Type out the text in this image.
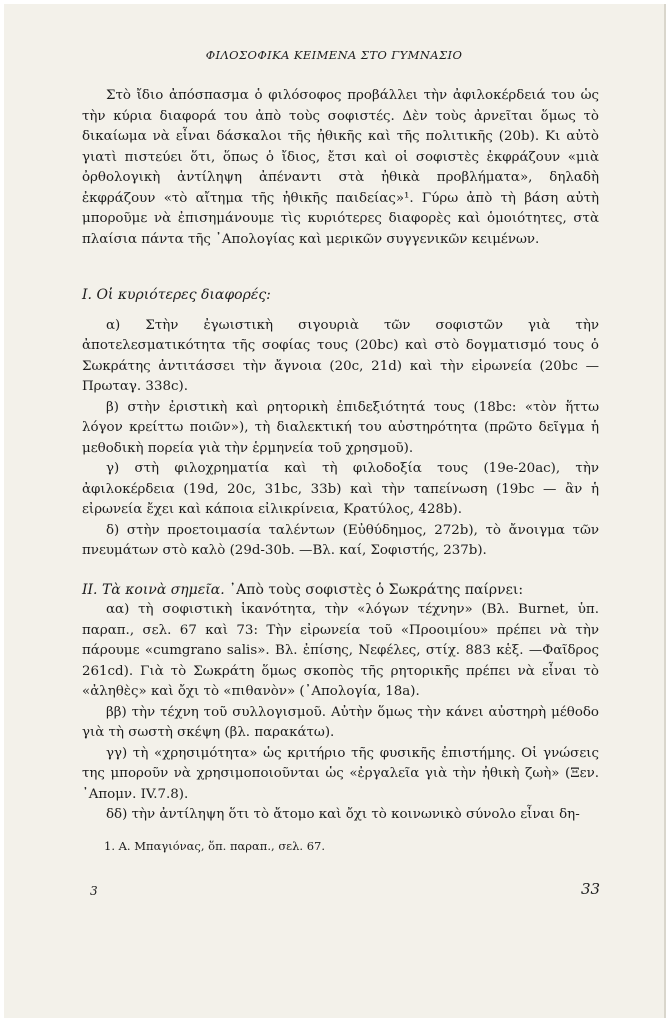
ΦΙΛΟΣΟΦΙΚΑ ΚΕΙΜΕΝΑ ΣΤΟ ΓΥΜΝΑΣΙΟ

Στὸ ἴδιο ἀπόσπασμα ὁ φιλόσοφος προβάλλει τὴν ἀφιλοκέρδειά του ὡς τὴν κύρια διαφορά του ἀπὸ τοὺς σοφιστές. Δὲν τοὺς ἀρνεῖται ὅμως τὸ δικαίωμα νὰ εἶναι δάσκαλοι τῆς ἠθικῆς καὶ τῆς πολιτικῆς (20b). Κι αὐτὸ γιατὶ πιστεύει ὅτι, ὅπως ὁ ἴδιος, ἔτσι καὶ οἱ σοφιστὲς ἐκφράζουν «μιὰ ὀρθολογικὴ ἀντίληψη ἀπέναντι στὰ ἠθικὰ προβλήματα», δηλαδὴ ἐκφράζουν «τὸ αἴτημα τῆς ἠθικῆς παιδείας»¹. Γύρω ἀπὸ τὴ βάση αὐτὴ μποροῦμε νὰ ἐπισημάνουμε τὶς κυριότερες διαφορὲς καὶ ὁμοιότητες, στὰ πλαίσια πάντα τῆς ᾿Απολογίας καὶ μερικῶν συγγενικῶν κειμένων.

Ι. Οἱ κυριότερες διαφορές:

α) Στὴν ἐγωιστικὴ σιγουριὰ τῶν σοφιστῶν γιὰ τὴν ἀποτελεσματικότητα τῆς σοφίας τους (20bc) καὶ στὸ δογματισμό τους ὁ Σωκράτης ἀντιτάσσει τὴν ἄγνοια (20c, 21d) καὶ τὴν εἰρωνεία (20bc — Πρωταγ. 338c).

β) στὴν ἐριστικὴ καὶ ρητορικὴ ἐπιδεξιότητά τους (18bc: «τὸν ἥττω λόγον κρείττω ποιῶν»), τὴ διαλεκτική του αὐστηρότητα (πρῶτο δεῖγμα ἡ μεθοδικὴ πορεία γιὰ τὴν ἑρμηνεία τοῦ χρησμοῦ).

γ) στὴ φιλοχρηματία καὶ τὴ φιλοδοξία τους (19e-20ac), τὴν ἀφιλοκέρδεια (19d, 20c, 31bc, 33b) καὶ τὴν ταπείνωση (19bc — ἂν ἡ εἰρωνεία ἔχει καὶ κάποια εἰλικρίνεια, Κρατύλος, 428b).

δ) στὴν προετοιμασία ταλέντων (Εὐθύδημος, 272b), τὸ ἄνοιγμα τῶν πνευμάτων στὸ καλὸ (29d-30b. —Βλ. καί, Σοφιστής, 237b).

ΙΙ. Τὰ κοινὰ σημεῖα. ᾿Απὸ τοὺς σοφιστὲς ὁ Σωκράτης παίρνει:

αα) τὴ σοφιστικὴ ἱκανότητα, τὴν «λόγων τέχνην» (Βλ. Burnet, ὑπ. παραπ., σελ. 67 καὶ 73: Τὴν εἰρωνεία τοῦ «Προοιμίου» πρέπει νὰ τὴν πάρουμε «cumgrano salis». Βλ. ἐπίσης, Νεφέλες, στίχ. 883 κἑξ. —Φαῖδρος 261cd). Γιὰ τὸ Σωκράτη ὅμως σκοπὸς τῆς ρητορικῆς πρέπει νὰ εἶναι τὸ «ἀληθὲς» καὶ ὄχι τὸ «πιθανὸν» (᾿Απολογία, 18a).

ββ) τὴν τέχνη τοῦ συλλογισμοῦ. Αὐτὴν ὅμως τὴν κάνει αὐστηρὴ μέθοδο γιὰ τὴ σωστὴ σκέψη (βλ. παρακάτω).

γγ) τὴ «χρησιμότητα» ὡς κριτήριο τῆς φυσικῆς ἐπιστήμης. Οἱ γνώσεις της μποροῦν νὰ χρησιμοποιοῦνται ὡς «ἐργαλεῖα γιὰ τὴν ἠθικὴ ζωὴ» (Ξεν. ᾿Απομν. IV.7.8).

δδ) τὴν ἀντίληψη ὅτι τὸ ἄτομο καὶ ὄχι τὸ κοινωνικὸ σύνολο εἶναι δη-

1. Α. Μπαγιόνας, ὅπ. παραπ., σελ. 67.
3	33
